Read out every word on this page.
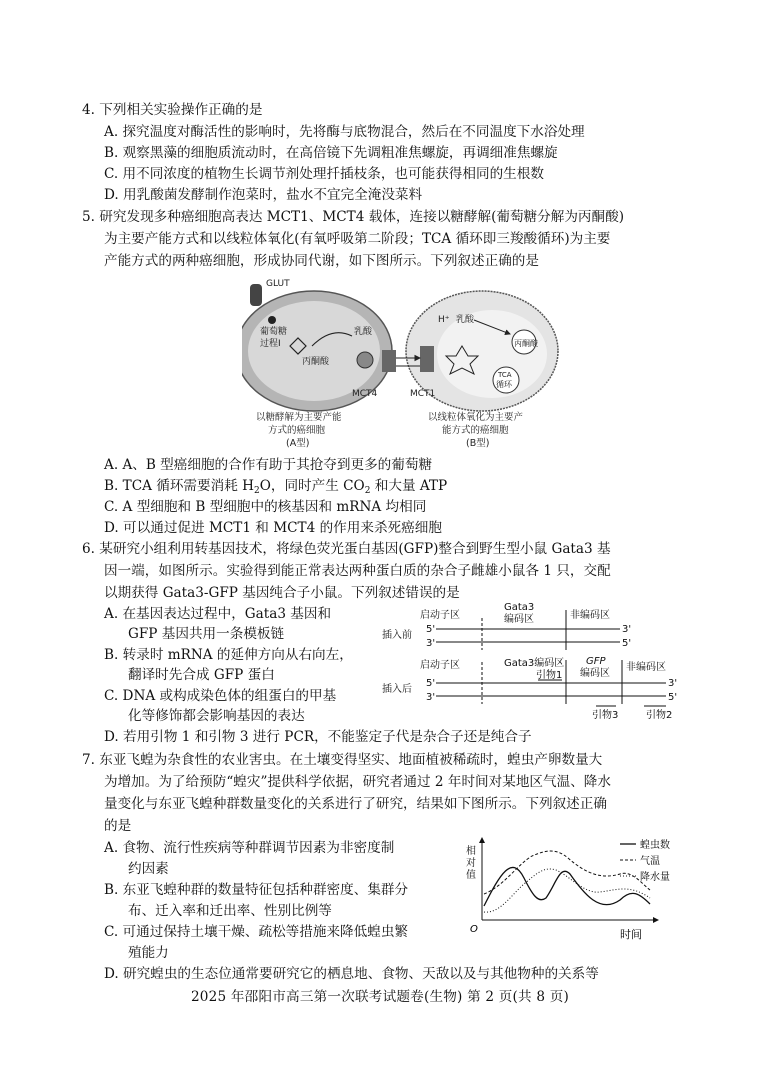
4. 下列相关实验操作正确的是
A. 探究温度对酶活性的影响时，先将酶与底物混合，然后在不同温度下水浴处理
B. 观察黑藻的细胞质流动时，在高倍镜下先调粗准焦螺旋，再调细准焦螺旋
C. 用不同浓度的植物生长调节剂处理扦插枝条，也可能获得相同的生根数
D. 用乳酸菌发酵制作泡菜时，盐水不宜完全淹没菜料
5. 研究发现多种癌细胞高表达 MCT1、MCT4 载体，连接以糖酵解(葡萄糖分解为丙酮酸)
为主要产能方式和以线粒体氧化(有氧呼吸第二阶段；TCA 循环即三羧酸循环)为主要
产能方式的两种癌细胞，形成协同代谢，如下图所示。下列叙述正确的是
GLUT
葡萄糖
过程I
丙酮酸
乳酸
MCT4	MCT1
H⁺ 乳酸
丙酮酸
TCA
循环
以糖酵解为主要产能
方式的癌细胞
(A型)
以线粒体氧化为主要产
能方式的癌细胞
(B型)
A. A、B 型癌细胞的合作有助于其抢夺到更多的葡萄糖
B. TCA 循环需要消耗 $H_2O$，同时产生 $CO_2$ 和大量 ATP
C. A 型细胞和 B 型细胞中的核基因和 mRNA 均相同
D. 可以通过促进 MCT1 和 MCT4 的作用来杀死癌细胞
6. 某研究小组利用转基因技术，将绿色荧光蛋白基因(GFP)整合到野生型小鼠 Gata3 基
因一端，如图所示。实验得到能正常表达两种蛋白质的杂合子雌雄小鼠各 1 只，交配
以期获得 Gata3-GFP 基因纯合子小鼠。下列叙述错误的是
A. 在基因表达过程中，Gata3 基因和
GFP 基因共用一条模板链
B. 转录时 mRNA 的延伸方向从右向左，
翻译时先合成 GFP 蛋白
C. DNA 或构成染色体的组蛋白的甲基
化等修饰都会影响基因的表达
D. 若用引物 1 和引物 3 进行 PCR，不能鉴定子代是杂合子还是纯合子
插入前
启动子区
Gata3
编码区	非编码区
5'
3'
3'
5'
插入后
启动子区	Gata3编码区
引物1
GFP
编码区
非编码区
5'
3'
3'
5'
引物3	引物2
7. 东亚飞蝗为杂食性的农业害虫。在土壤变得坚实、地面植被稀疏时，蝗虫产卵数量大
为增加。为了给预防“蝗灾”提供科学依据，研究者通过 2 年时间对某地区气温、降水
量变化与东亚飞蝗种群数量变化的关系进行了研究，结果如下图所示。下列叙述正确
的是
A. 食物、流行性疾病等种群调节因素为非密度制
约因素
B. 东亚飞蝗种群的数量特征包括种群密度、集群分
布、迁入率和迁出率、性别比例等
C. 可通过保持土壤干燥、疏松等措施来降低蝗虫繁
殖能力
D. 研究蝗虫的生态位通常要研究它的栖息地、食物、天敌以及与其他物种的关系等
相对值
O	时间
蝗虫数
气温
降水量
2025 年邵阳市高三第一次联考试题卷(生物) 第 2 页(共 8 页)
